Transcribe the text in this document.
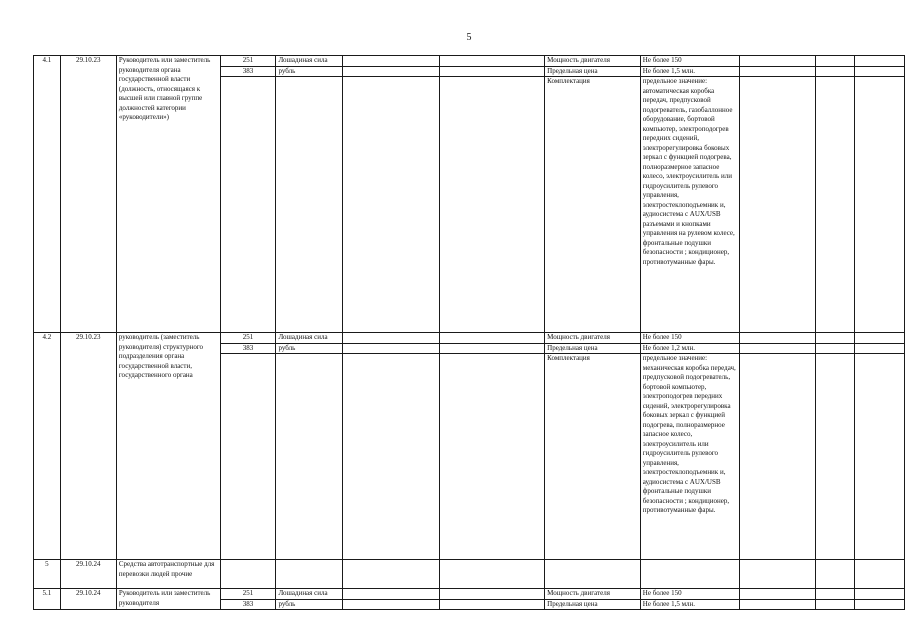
5
4.1	29.10.23	Руководитель или заместитель руководителя органа государственной власти (должность, относящаяся к высшей или главной группе должностей категории «руководители»)	251	Лошадиная сила			Мощность двигателя	Не более 150			
			383	рубль			Предельная цена	Не более 1,5 млн.			
							Комплектация	предельное значение: автоматическая коробка передач, предпусковой подогреватель, газобаллонное оборудование, бортовой компьютер, электроподогрев передних сидений, электрорегулировка боковых зеркал с функцией подогрева, полноразмерное запасное колесо, электроусилитель или гидроусилитель рулевого управления, электростеклоподъемник и, аудиосистема с AUX/USB разъемами и кнопками управления на рулевом колесе, фронтальные подушки безопасности ; кондиционер, противотуманные фары.			
4.2	29.10.23	руководитель (заместитель руководителя) структурного подразделения органа государственной власти, государственного органа	251	Лошадиная сила			Мощность двигателя	Не более 150			
			383	рубль			Предельная цена	Не более 1,2 млн.			
							Комплектация	предельное значение: механическая коробка передач, предпусковой подогреватель, бортовой компьютер, электроподогрев передних сидений, электрорегулировка боковых зеркал с функцией подогрева, полноразмерное запасное колесо, электроусилитель или гидроусилитель рулевого управления, электростеклоподъемник и, аудиосистема с AUX/USB фронтальные подушки безопасности ; кондиционер, противотуманные фары.			
5	29.10.24	Средства автотранспортные для перевозки людей прочие									
5.1	29.10.24	Руководитель или заместитель руководителя	251	Лошадиная сила			Мощность двигателя	Не более 150			
			383	рубль			Предельная цена	Не более 1,5 млн.			
